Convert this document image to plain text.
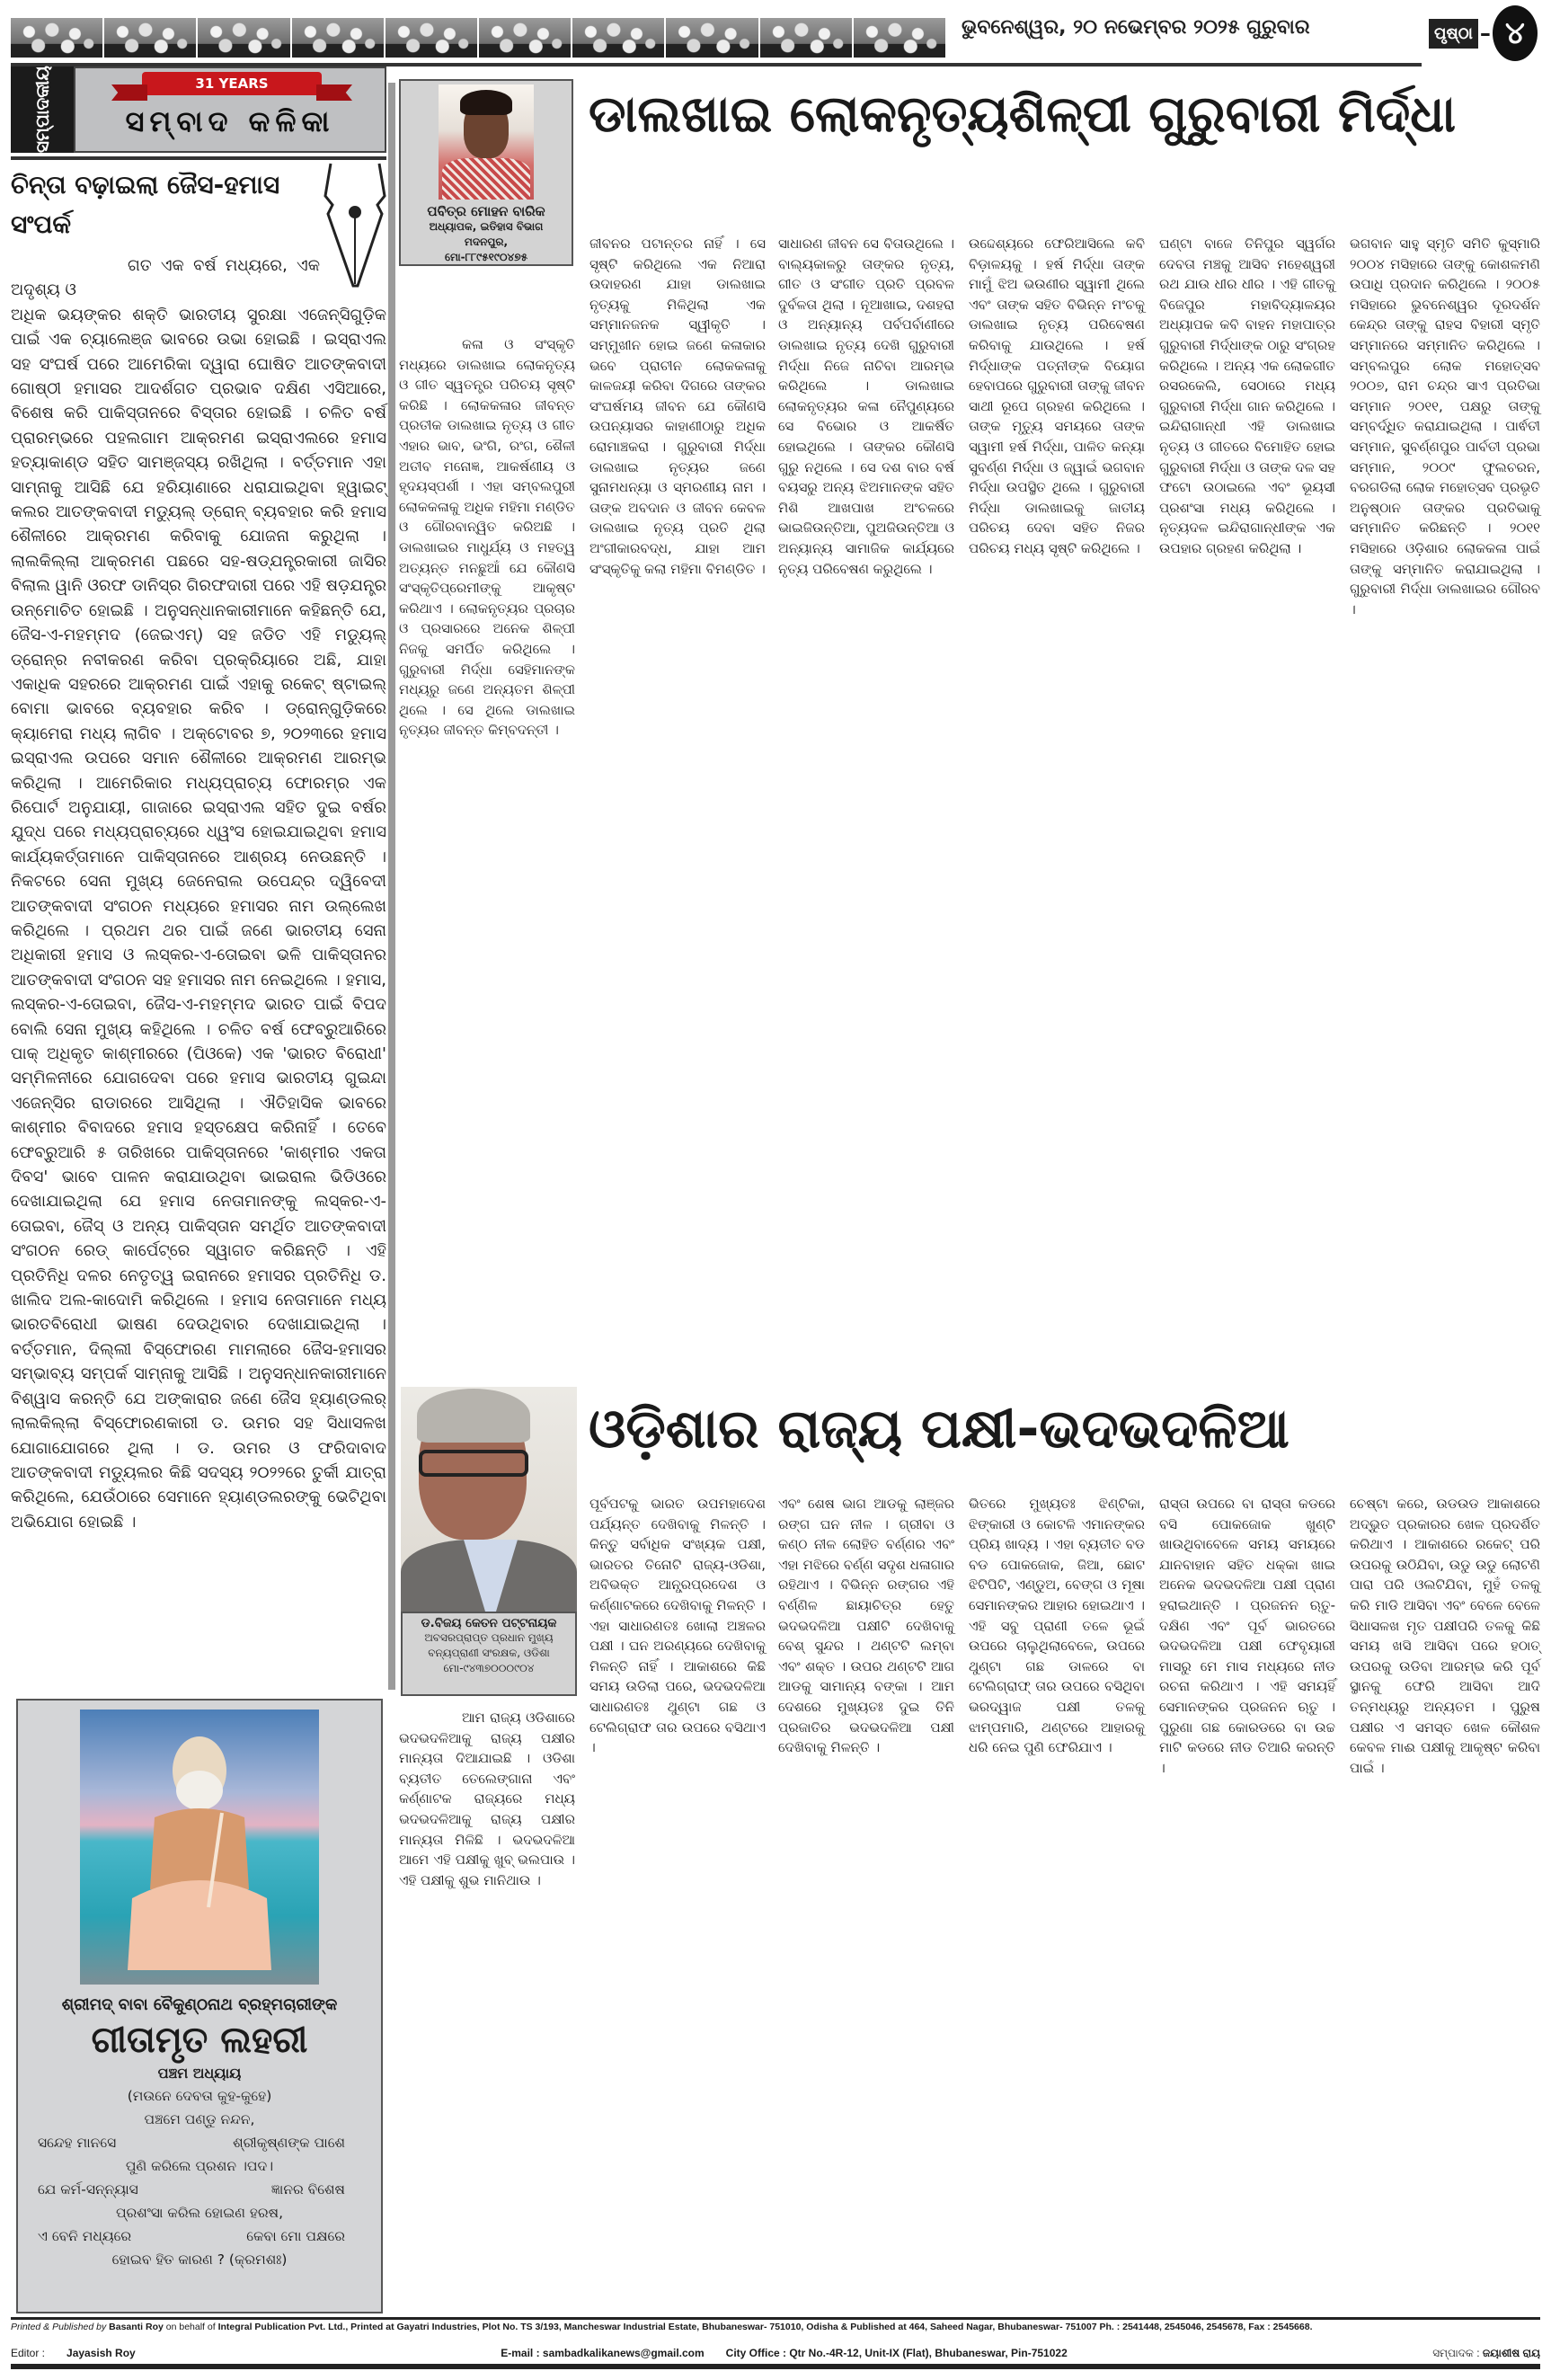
ଭୁବନେଶ୍ୱର, ୨୦ ନଭେମ୍ବର ୨୦୨୫ ଗୁରୁବାର	ପୃଷ୍ଠା – ୪
ସମ୍ପାଦକୀୟ	31 YEARS
ସମ୍ବାଦ କଳିକା
ଚିନ୍ତା ବଢ଼ାଇଲା ଜୈସ-ହମାସ ସଂପର୍କ

ଗତ ଏକ ବର୍ଷ ମଧ୍ୟରେ, ଏକ ଅଦୃଶ୍ୟ ଓ

ଅଧିକ ଭୟଙ୍କର ଶକ୍ତି ଭାରତୀୟ ସୁରକ୍ଷା ଏଜେନ୍ସିଗୁଡ଼ିକ ପାଇଁ ଏକ ଚ୍ୟାଲେଞ୍ଜ ଭାବରେ ଉଭା ହୋଇଛି । ଇସ୍ରାଏଲ ସହ ସଂଘର୍ଷ ପରେ ଆମେରିକା ଦ୍ୱାରା ଘୋଷିତ ଆତଙ୍କବାଦୀ ଗୋଷ୍ଠୀ ହମାସର ଆଦର୍ଶଗତ ପ୍ରଭାବ ଦକ୍ଷିଣ ଏସିଆରେ, ବିଶେଷ କରି ପାକିସ୍ତାନରେ ବିସ୍ତାର ହୋଇଛି । ଚଳିତ ବର୍ଷ ପ୍ରାରମ୍ଭରେ ପହଲଗାମ ଆକ୍ରମଣ ଇସ୍ରାଏଲରେ ହମାସ ହତ୍ୟାକାଣ୍ଡ ସହିତ ସାମଞ୍ଜସ୍ୟ ରଖିଥିଲା । ବର୍ତ୍ତମାନ ଏହା ସାମ୍ନାକୁ ଆସିଛି ଯେ ହରିୟାଣାରେ ଧରାଯାଇଥିବା ହ୍ୱାଇଟ୍ କଲର ଆତଙ୍କବାଦୀ ମଡ୍ୟୁଲ୍ ଡ୍ରୋନ୍ ବ୍ୟବହାର କରି ହମାସ ଶୈଳୀରେ ଆକ୍ରମଣ କରିବାକୁ ଯୋଜନା କରୁଥିଲା । ଲାଲକିଲ୍ଲା ଆକ୍ରମଣ ପଛରେ ସହ-ଷଡ୍ଯନ୍ତ୍ରକାରୀ ଜାସିର ବିଲାଲ ୱାନି ଓରଫ ଡାନିସ୍‌ର ଗିରଫଦାରୀ ପରେ ଏହି ଷଡ଼ଯନ୍ତ୍ର ଉନ୍ମୋଚିତ ହୋଇଛି । ଅନୁସନ୍ଧାନକାରୀମାନେ କହିଛନ୍ତି ଯେ, ଜୈସ-ଏ-ମହମ୍ମଦ (ଜେଇଏମ୍) ସହ ଜଡିତ ଏହି ମଡ୍ୟୁଲ୍ ଡ୍ରୋନ୍‌ର ନବୀକରଣ କରିବା ପ୍ରକ୍ରିୟାରେ ଅଛି, ଯାହା ଏକାଧିକ ସହରରେ ଆକ୍ରମଣ ପାଇଁ ଏହାକୁ ରକେଟ୍ ଷ୍ଟାଇଲ୍ ବୋମା ଭାବରେ ବ୍ୟବହାର କରିବ । ଡ୍ରୋନ୍‌ଗୁଡ଼ିକରେ କ୍ୟାମେରା ମଧ୍ୟ ଲାଗିବ । ଅକ୍ଟୋବର ୭, ୨୦୨୩ରେ ହମାସ ଇସ୍ରାଏଲ ଉପରେ ସମାନ ଶୈଳୀରେ ଆକ୍ରମଣ ଆରମ୍ଭ କରିଥିଲା । ଆମେରିକାର ମଧ୍ୟପ୍ରାଚ୍ୟ ଫୋରମ୍‌ର ଏକ ରିପୋର୍ଟ ଅନୁଯାୟୀ, ଗାଜାରେ ଇସ୍ରାଏଲ ସହିତ ଦୁଇ ବର୍ଷର ଯୁଦ୍ଧ ପରେ ମଧ୍ୟପ୍ରାଚ୍ୟରେ ଧ୍ୱଂସ ହୋଇଯାଇଥିବା ହମାସ କାର୍ଯ୍ୟକର୍ତ୍ତାମାନେ ପାକିସ୍ତାନରେ ଆଶ୍ରୟ ନେଉଛନ୍ତି । ନିକଟରେ ସେନା ମୁଖ୍ୟ ଜେନେରାଲ ଉପେନ୍ଦ୍ର ଦ୍ୱିବେଦୀ ଆତଙ୍କବାଦୀ ସଂଗଠନ ମଧ୍ୟରେ ହମାସର ନାମ ଉଲ୍ଲେଖ କରିଥିଲେ । ପ୍ରଥମ ଥର ପାଇଁ ଜଣେ ଭାରତୀୟ ସେନା ଅଧିକାରୀ ହମାସ ଓ ଲସ୍କର-ଏ-ତୋଇବା ଭଳି ପାକିସ୍ତାନର ଆତଙ୍କବାଦୀ ସଂଗଠନ ସହ ହମାସର ନାମ ନେଇଥିଲେ । ହମାସ, ଲସ୍କର-ଏ-ତୋଇବା, ଜୈସ-ଏ-ମହମ୍ମଦ ଭାରତ ପାଇଁ ବିପଦ ବୋଲି ସେନା ମୁଖ୍ୟ କହିଥିଲେ । ଚଳିତ ବର୍ଷ ଫେବ୍ରୁଆରିରେ ପାକ୍ ଅଧିକୃତ କାଶ୍ମୀରରେ (ପିଓକେ) ଏକ 'ଭାରତ ବିରୋଧୀ' ସମ୍ମିଳନୀରେ ଯୋଗଦେବା ପରେ ହମାସ ଭାରତୀୟ ଗୁଇନ୍ଦା ଏଜେନ୍ସିର ରାଡାରରେ ଆସିଥିଲା । ଐତିହାସିକ ଭାବରେ କାଶ୍ମୀର ବିବାଦରେ ହମାସ ହସ୍ତକ୍ଷେପ କରିନାହିଁ । ତେବେ ଫେବ୍ରୁଆରି ୫ ତାରିଖରେ ପାକିସ୍ତାନରେ 'କାଶ୍ମୀର ଏକତା ଦିବସ' ଭାବେ ପାଳନ କରାଯାଉଥିବା ଭାଇରାଲ ଭିଡିଓରେ ଦେଖାଯାଇଥିଲା ଯେ ହମାସ ନେତାମାନଙ୍କୁ ଲସ୍କର-ଏ-ତୋଇବା, ଜୈସ୍ ଓ ଅନ୍ୟ ପାକିସ୍ତାନ ସମର୍ଥିତ ଆତଙ୍କବାଦୀ ସଂଗଠନ ରେଡ୍ କାର୍ପେଟ୍‌ରେ ସ୍ୱାଗତ କରିଛନ୍ତି । ଏହି ପ୍ରତିନିଧି ଦଳର ନେତୃତ୍ୱ ଇରାନରେ ହମାସର ପ୍ରତିନିଧି ଡ. ଖାଲିଦ ଅଲ-କାଦୋମି କରିଥିଲେ । ହମାସ ନେତାମାନେ ମଧ୍ୟ ଭାରତବିରୋଧୀ ଭାଷଣ ଦେଉଥିବାର ଦେଖାଯାଇଥିଲା । ବର୍ତ୍ତମାନ, ଦିଲ୍ଲୀ ବିସ୍ଫୋରଣ ମାମଲାରେ ଜୈସ-ହମାସର ସମ୍ଭାବ୍ୟ ସମ୍ପର୍କ ସାମ୍ନାକୁ ଆସିଛି । ଅନୁସନ୍ଧାନକାରୀମାନେ ବିଶ୍ୱାସ କରନ୍ତି ଯେ ଅଙ୍କାରାର ଜଣେ ଜୈସ ହ୍ୟାଣ୍ଡଲର୍ ଲାଲକିଲ୍ଲା ବିସ୍ଫୋରଣକାରୀ ଡ. ଉମର ସହ ସିଧାସଳଖ ଯୋଗାଯୋଗରେ ଥିଲା । ଡ. ଉମର ଓ ଫରିଦାବାଦ ଆତଙ୍କବାଦୀ ମଡ୍ୟୁଲର କିଛି ସଦସ୍ୟ ୨୦୨୨ରେ ତୁର୍କୀ ଯାତ୍ରା କରିଥିଲେ, ଯେଉଁଠାରେ ସେମାନେ ହ୍ୟାଣ୍ଡଲରଙ୍କୁ ଭେଟିଥିବା ଅଭିଯୋଗ ହୋଇଛି ।

ଶ୍ରୀମଦ୍ ବାବା ବୈକୁଣ୍ଠନାଥ ବ୍ରହ୍ମଚାରୀଙ୍କ
ଗୀତାମୃତ ଲହରୀ
ପଞ୍ଚମ ଅଧ୍ୟାୟ
(ମଉନେ ଦେବତା କୁହ-କୁହେ)
ପଞ୍ଚମେ ପଣ୍ଡୁ ନନ୍ଦନ,
ସନ୍ଦେହ ମାନସେ	ଶ୍ରୀକୃଷ୍ଣଙ୍କ ପାଶେ
ପୁଣି କରିଲେ ପ୍ରଶନ ।ପଦ।
ଯେ କର୍ମ-ସନ୍ନ୍ୟାସ	ଜ୍ଞାନର ବିଶେଷ
ପ୍ରଶଂସା କରିଲ ହୋଇଣ ହରଷ,
ଏ ବେନି ମଧ୍ୟରେ	କେବା ମୋ ପକ୍ଷରେ
ହୋଇବ ହିତ କାରଣ ? (କ୍ରମଶଃ)
ପବିତ୍ର ମୋହନ ବାରିକ
ଅଧ୍ୟାପକ, ଇତିହାସ ବିଭାଗ
ମଦନପୁର,
ମୋ-୮୮୯୫୧୯୦୪୭୫
ଡାଲଖାଇ ଲୋକନୃତ୍ୟଶିଳ୍ପୀ ଗୁରୁବାରୀ ମିର୍ଦ୍ଧା
କଳା ଓ ସଂସ୍କୃତି ମଧ୍ୟରେ ଡାଲଖାଇ ଲୋକନୃତ୍ୟ ଓ ଗୀତ ସ୍ୱତନ୍ତ୍ର ପରିଚୟ ସୃଷ୍ଟି କରିଛି । ଲୋକକଳାର ଜୀବନ୍ତ ପ୍ରତୀକ ଡାଲଖାଇ ନୃତ୍ୟ ଓ ଗୀତ ଏହାର ଭାବ, ଭଂଗି, ରଂଗ, ଶୈଳୀ ଅତୀବ ମନୋଜ୍ଞ, ଆକର୍ଷଣୀୟ ଓ ହୃଦୟସ୍ପର୍ଶୀ । ଏହା ସମ୍ବଲପୁରୀ ଲୋକକଳାକୁ ଅଧିକ ମହିମା ମଣ୍ଡିତ ଓ ଗୌରବାନ୍ୱିତ କରିଅଛି । ଡାଲଖାଇର ମାଧୁର୍ଯ୍ୟ ଓ ମହତ୍ୱ ଅତ୍ୟନ୍ତ ମନଛୁଆଁ ଯେ କୌଣସି ସଂସ୍କୃତିପ୍ରେମୀଙ୍କୁ ଆକୃଷ୍ଟ କରିଥାଏ । ଲୋକନୃତ୍ୟର ପ୍ରଚାର ଓ ପ୍ରସାରରେ ଅନେକ ଶିଳ୍ପୀ ନିଜକୁ ସମର୍ପିତ କରିଥିଲେ । ଗୁରୁବାରୀ ମିର୍ଦ୍ଧା ସେହିମାନଙ୍କ ମଧ୍ୟରୁ ଜଣେ ଅନ୍ୟତମ ଶିଳ୍ପୀ ଥିଲେ । ସେ ଥିଲେ ଡାଲଖାଇ ନୃତ୍ୟର ଜୀବନ୍ତ କିମ୍ବଦନ୍ତୀ ।
ଜୀବନର ପଟାନ୍ତର ନାହିଁ । ସେ ସୃଷ୍ଟି କରିଥିଲେ ଏକ ନିଆରା ଉଦାହରଣ ଯାହା ଡାଲଖାଇ ନୃତ୍ୟକୁ ମିଳିଥିଲା ଏକ ସମ୍ମାନଜନକ ସ୍ୱୀକୃତି । ସମ୍ମୁଖୀନ ହୋଇ ଜଣେ କଳାକାର ଭବେ ପ୍ରାଚୀନ ଲୋକକଳାକୁ କାଳଜୟୀ କରିବା ଦିଗରେ ତାଙ୍କର ସଂଘର୍ଷମୟ ଜୀବନ ଯେ କୌଣସି ଉପନ୍ୟାସର କାହାଣୀଠାରୁ ଅଧିକ ରୋମାଞ୍ଚକରା । ଗୁରୁବାରୀ ମିର୍ଦ୍ଧା ଡାଲଖାଇ ନୃତ୍ୟର ଜଣେ ସୁନାମଧନ୍ୟା ଓ ସ୍ମରଣୀୟ ନାମ । ତାଙ୍କ ଅବଦାନ ଓ ଜୀବନ କେବଳ ଡାଲଖାଇ ନୃତ୍ୟ ପ୍ରତି ଥିଲା ଅଂଗୀକାରବଦ୍ଧ, ଯାହା ଆମ ସଂସ୍କୃତିକୁ କଲା ମହିମା ବିମଣ୍ଡିତ ।
ସାଧାରଣ ଜୀବନ ସେ ବିତାଉଥିଲେ । ବାଲ୍ୟକାଳରୁ ତାଙ୍କର ନୃତ୍ୟ, ଗୀତ ଓ ସଂଗୀତ ପ୍ରତି ପ୍ରବଳ ଦୁର୍ବଳତା ଥିଲା । ନୂଆଖାଇ, ଦଶହରା ଓ ଅନ୍ୟାନ୍ୟ ପର୍ବପର୍ବାଣୀରେ ଡାଲଖାଇ ନୃତ୍ୟ ଦେଖି ଗୁରୁବାରୀ ମିର୍ଦ୍ଧା ନିଜେ ନାଚିବା ଆରମ୍ଭ କରିଥିଲେ । ଡାଲଖାଇ ଲୋକନୃତ୍ୟର କଳା ନୈପୁଣ୍ୟରେ ସେ ବିଭୋର ଓ ଆକର୍ଷିତ ହୋଇଥିଲେ । ତାଙ୍କର କୌଣସି ଗୁରୁ ନଥିଲେ । ସେ ଦଶ ବାର ବର୍ଷ ବୟସରୁ ଅନ୍ୟ ଝିଅମାନଙ୍କ ସହିତ ମିଶି ଆଖପାଖ ଅଂଚଳରେ ଭାଇଜିଉନ୍ତିଆ, ପୁଅଜିଉନ୍ତିଆ ଓ ଅନ୍ୟାନ୍ୟ ସାମାଜିକ କାର୍ଯ୍ୟରେ ନୃତ୍ୟ ପରିବେଷଣ କରୁଥିଲେ ।
ଉଦ୍ଦେଶ୍ୟରେ ଫେରିଆସିଲେ କବି ବିଡ଼ାଳୟକୁ । ହର୍ଷ ମିର୍ଦ୍ଧା ତାଙ୍କ ମାମୁଁ ଝିଅ ଭଉଣୀର ସ୍ୱାମୀ ଥିଲେ ଏବଂ ତାଙ୍କ ସହିତ ବିଭିନ୍ନ ମଂଚକୁ ଡାଲଖାଇ ନୃତ୍ୟ ପରିବେଷଣ କରିବାକୁ ଯାଉଥିଲେ । ହର୍ଷ ମିର୍ଦ୍ଧାଙ୍କ ପତ୍ନୀଙ୍କ ବିୟୋଗ ହେବାପରେ ଗୁରୁବାରୀ ତାଙ୍କୁ ଜୀବନ ସାଥୀ ରୂପେ ଗ୍ରହଣ କରିଥିଲେ । ତାଙ୍କ ମୃତ୍ୟୁ ସମୟରେ ତାଙ୍କ ସ୍ୱାମୀ ହର୍ଷ ମିର୍ଦ୍ଧା, ପାଳିତ କନ୍ୟା ସୁବର୍ଣ୍ଣ ମିର୍ଦ୍ଧା ଓ ଜ୍ୱାଇଁ ଭଗବାନ ମିର୍ଦ୍ଧା ଉପସ୍ଥିତ ଥିଲେ । ଗୁରୁବାରୀ ମିର୍ଦ୍ଧା ଡାଲଖାଇକୁ ଜାତୀୟ ପରିଚୟ ଦେବା ସହିତ ନିଜର ପରିଚୟ ମଧ୍ୟ ସୃଷ୍ଟି କରିଥିଲେ ।
ଘଣ୍ଟା ବାଜେ ତିନିପୁର ସ୍ୱର୍ଗର ଦେବତା ମଞ୍ଚକୁ ଆସିବ ମହେଶ୍ୱରୀ ରଥ ଯାଉ ଧୀର ଧୀର । ଏହି ଗୀତକୁ ବିଜେପୁର ମହାବିଦ୍ୟାଳୟର ଅଧ୍ୟାପକ କବି ବାହନ ମହାପାତ୍ର ଗୁରୁବାରୀ ମିର୍ଦ୍ଧାଙ୍କ ଠାରୁ ସଂଗ୍ରହ କରିଥିଲେ । ଅନ୍ୟ ଏକ ଲୋକଗୀତ ରସରକେଲି, ସେଠାରେ ମଧ୍ୟ ଗୁରୁବାରୀ ମିର୍ଦ୍ଧା ଗାନ କରିଥିଲେ । ଇନ୍ଦିରାଗାନ୍ଧୀ ଏହି ଡାଲଖାଇ ନୃତ୍ୟ ଓ ଗୀତରେ ବିମୋହିତ ହୋଇ ଗୁରୁବାରୀ ମିର୍ଦ୍ଧା ଓ ତାଙ୍କ ଦଳ ସହ ଫଟୋ ଉଠାଇଲେ ଏବଂ ଭୂୟସୀ ପ୍ରଶଂସା ମଧ୍ୟ କରିଥିଲେ । ନୃତ୍ୟଦଳ ଇନ୍ଦିରାଗାନ୍ଧୀଙ୍କ ଏକ ଉପହାର ଗ୍ରହଣ କରିଥିଲା ।
ଭଗବାନ ସାହୁ ସ୍ମୃତି ସମିତି କୁସ୍ମାରି ୨୦୦୪ ମସିହାରେ ତାଙ୍କୁ କୋଶଳମଣି ଉପାଧି ପ୍ରଦାନ କରିଥିଲେ । ୨୦୦୫ ମସିହାରେ ଭୁବନେଶ୍ୱର ଦୂରଦର୍ଶନ କେନ୍ଦ୍ର ତାଙ୍କୁ ରାହସ ବିହାରୀ ସ୍ମୃତି ସମ୍ମାନରେ ସମ୍ମାନିତ କରିଥିଲେ । ସମ୍ବଲପୁର ଲୋକ ମହୋତ୍ସବ ୨୦୦୭, ରାମ ଚନ୍ଦ୍ର ସାଏ ପ୍ରତିଭା ସମ୍ମାନ ୨୦୧୧, ପକ୍ଷରୁ ତାଙ୍କୁ ସମ୍ବର୍ଦ୍ଧିତ କରାଯାଇଥିଲା । ପାର୍ଵତୀ ସମ୍ମାନ, ସୁବର୍ଣ୍ଣପୁର ପାର୍ବତୀ ପ୍ରଭା ସମ୍ମାନ, ୨୦୦୯ ଫୁଲଚରନ, ବରଗଡିଲା ଲୋକ ମହୋତ୍ସବ ପ୍ରଭୃତି ଅନୁଷ୍ଠାନ ତାଙ୍କର ପ୍ରତିଭାକୁ ସମ୍ମାନିତ କରିଛନ୍ତି । ୨୦୧୧ ମସିହାରେ ଓଡ଼ିଶାର ଲୋକକଳା ପାଇଁ ତାଙ୍କୁ ସମ୍ମାନିତ କରାଯାଇଥିଲା । ଗୁରୁବାରୀ ମିର୍ଦ୍ଧା ଡାଲଖାଇର ଗୌରବ ।
ଡ.ବିଜୟ କେତନ ପଟ୍ଟନାୟକ
ଅବସରପ୍ରାପ୍ତ ପ୍ରଧାନ ମୁଖ୍ୟ
ବନ୍ୟପ୍ରାଣୀ ସଂରକ୍ଷକ, ଓଡିଶା
ମୋ-୯୪୩୭୦୦୦୯୦୪
ଓଡ଼ିଶାର ରାଜ୍ୟ ପକ୍ଷୀ-ଭଦଭଦଳିଆ
ଆମ ରାଜ୍ୟ ଓଡିଶାରେ ଭଦଭଦଳିଆକୁ ରାଜ୍ୟ ପକ୍ଷୀର ମାନ୍ୟତା ଦିଆଯାଇଛି । ଓଡିଶା ବ୍ୟତୀତ ତେଲେଙ୍ଗାନା ଏବଂ କର୍ଣ୍ଣାଟକ ରାଜ୍ୟରେ ମଧ୍ୟ ଭଦଭଦଳିଆକୁ ରାଜ୍ୟ ପକ୍ଷୀର ମାନ୍ୟତା ମିଳିଛି । ଭଦଭଦଳିଆ ଆମେ ଏହି ପକ୍ଷୀକୁ ଖୁବ୍ ଭଲପାଉ । ଏହି ପକ୍ଷୀକୁ ଶୁଭ ମାନିଥାଉ ।
ପୂର୍ବପଟକୁ ଭାରତ ଉପମହାଦେଶ ପର୍ଯ୍ୟନ୍ତ ଦେଖିବାକୁ ମିଳନ୍ତି । କିନ୍ତୁ ସର୍ବାଧିକ ସଂଖ୍ୟକ ପକ୍ଷୀ, ଭାରତର ତିନୋଟି ରାଜ୍ୟ-ଓଡିଶା, ଅବିଭକ୍ତ ଆନ୍ଧ୍ରପ୍ରଦେଶ ଓ କର୍ଣ୍ଣାଟକରେ ଦେଖିବାକୁ ମିଳନ୍ତି । ଏହା ସାଧାରଣତଃ ଖୋଲା ଅଞ୍ଚଳର ପକ୍ଷୀ । ଘନ ଅରଣ୍ୟରେ ଦେଖିବାକୁ ମିଳନ୍ତି ନାହିଁ । ଆକାଶରେ କିଛି ସମୟ ଉଡିଲା ପରେ, ଭଦଭଦଳିଆ ସାଧାରଣତଃ ଥୁଣ୍ଟା ଗଛ ଓ ଟେଲିଗ୍ରାଫ ତାର ଉପରେ ବସିଥାଏ ।
ଏବଂ ଶେଷ ଭାଗ ଆଡକୁ ଲାଞ୍ଜର ରଙ୍ଗ ଘନ ନୀଳ । ଗ୍ରୀବା ଓ କଣ୍ଠ ନୀଳ ଲୋହିତ ବର୍ଣ୍ଣର ଏବଂ ଏହା ମଝିରେ ବର୍ଣ୍ଣ ସଦୃଶ ଧଳାଗାର ରହିଥାଏ । ବିଭିନ୍ନ ରଙ୍ଗର ଏହି ବର୍ଣ୍ଣିଳ ଛାୟାଚିତ୍ର ହେତୁ ଭଦଭଦଳିଆ ପକ୍ଷୀଟି ଦେଖିବାକୁ ବେଶ୍ ସୁନ୍ଦର । ଥଣ୍ଟଟି ଲମ୍ବା ଏବଂ ଶକ୍ତ । ଉପର ଥଣ୍ଟଟି ଆଗ ଆଡକୁ ସାମାନ୍ୟ ବଙ୍କା । ଆମ ଦେଶରେ ମୁଖ୍ୟତଃ ଦୁଇ ତିନି ପ୍ରଜାତିର ଭଦଭଦଳିଆ ପକ୍ଷୀ ଦେଖିବାକୁ ମିଳନ୍ତି ।
ଭିତରେ ମୁଖ୍ୟତଃ ଝିଣ୍ଟିକା, ଝିଙ୍କାରୀ ଓ କୋଟଳି ଏମାନଙ୍କର ପ୍ରିୟ ଖାଦ୍ୟ । ଏହା ବ୍ୟତୀତ ବଡ ବଡ ପୋକଜୋକ, ଜିଆ, ଛୋଟ ଝିଟିପିଟି, ଏଣ୍ଡୁଅ, ବେଙ୍ଗ ଓ ମୂଷା ସେମାନଙ୍କର ଆହାର ହୋଇଥାଏ । ଏହି ସବୁ ପ୍ରାଣୀ ତଳେ ଭୂଇଁ ଉପରେ ଚାଲୁଥିଲାବେଳେ, ଉପରେ ଥୁଣ୍ଟା ଗଛ ଡାଳରେ ବା ଟେଲିଗ୍ରାଫ୍ ତାର ଉପରେ ବସିଥିବା ଭରଦ୍ୱାଜ ପକ୍ଷୀ ତଳକୁ ଝାମ୍ପମାରି, ଥଣ୍ଟରେ ଆହାରକୁ ଧରି ନେଇ ପୁଣି ଫେରିଯାଏ ।
ରାସ୍ତା ଉପରେ ବା ରାସ୍ତା କଡରେ ବସି ପୋକଜୋକ ଖୁଣ୍ଟି ଖାଉଥିବାବେଳେ ସମୟ ସମୟରେ ଯାନବାହାନ ସହିତ ଧକ୍କା ଖାଇ ଅନେକ ଭଦଭଦଳିଆ ପକ୍ଷୀ ପ୍ରାଣ ହରାଇଥାନ୍ତି । ପ୍ରଜନନ ଋତୁ- ଦକ୍ଷିଣ ଏବଂ ପୂର୍ବ ଭାରତରେ ଭଦଭଦଳିଆ ପକ୍ଷୀ ଫେବୃୟାରୀ ମାସରୁ ମେ ମାସ ମଧ୍ୟରେ ନୀଡ ରଚନା କରିଥାଏ । ଏହି ସମୟହିଁ ସେମାନଙ୍କର ପ୍ରଜନନ ଋତୁ । ପୁରୁଣା ଗଛ କୋରଡରେ ବା ଉଚ୍ଚ ମାଟି କଡରେ ନୀଡ ତିଆରି କରନ୍ତି ।
ଚେଷ୍ଟା କରେ, ଉଡଉଡ ଆକାଶରେ ଅଦ୍ଭୁତ ପ୍ରକାରର ଖେଳ ପ୍ରଦର୍ଶିତ କରିଥାଏ । ଆକାଶରେ ରକେଟ୍ ପରି ଉପରକୁ ଉଠିଯିବା, ଉଡୁ ଉଡୁ ଲୋଟଣି ପାରା ପରି ଓଲଟିଯିବା, ମୁହଁ ତଳକୁ କରି ମାଡି ଆସିବା ଏବଂ ବେଳେ ବେଳେ ସିଧାସଳଖ ମୃତ ପକ୍ଷୀପରି ତଳକୁ କିଛି ସମୟ ଖସି ଆସିବା ପରେ ହଠାତ୍ ଉପରକୁ ଉଡିବା ଆରମ୍ଭ କରି ପୂର୍ବ ସ୍ଥାନକୁ ଫେରି ଆସିବା ଆଦି ତନ୍ମଧ୍ୟରୁ ଅନ୍ୟତମ । ପୁରୁଷ ପକ୍ଷୀର ଏ ସମସ୍ତ ଖେଳ କୌଶଳ କେବଳ ମାଈ ପକ୍ଷୀକୁ ଆକୃଷ୍ଟ କରିବା ପାଇଁ ।
Printed & Published by Basanti Roy on behalf of Integral Publication Pvt. Ltd., Printed at Gayatri Industries, Plot No. TS 3/193, Mancheswar Industrial Estate, Bhubaneswar- 751010, Odisha & Published at 464, Saheed Nagar, Bhubaneswar- 751007 Ph. : 2541448, 2545046, 2545678, Fax : 2545668.
Editor : Jayasish Roy	E-mail : sambadkalikanews@gmail.com City Office : Qtr No.-4R-12, Unit-IX (Flat), Bhubaneswar, Pin-751022	ସମ୍ପାଦକ : ଜୟାଶୀଷ ରାୟ
